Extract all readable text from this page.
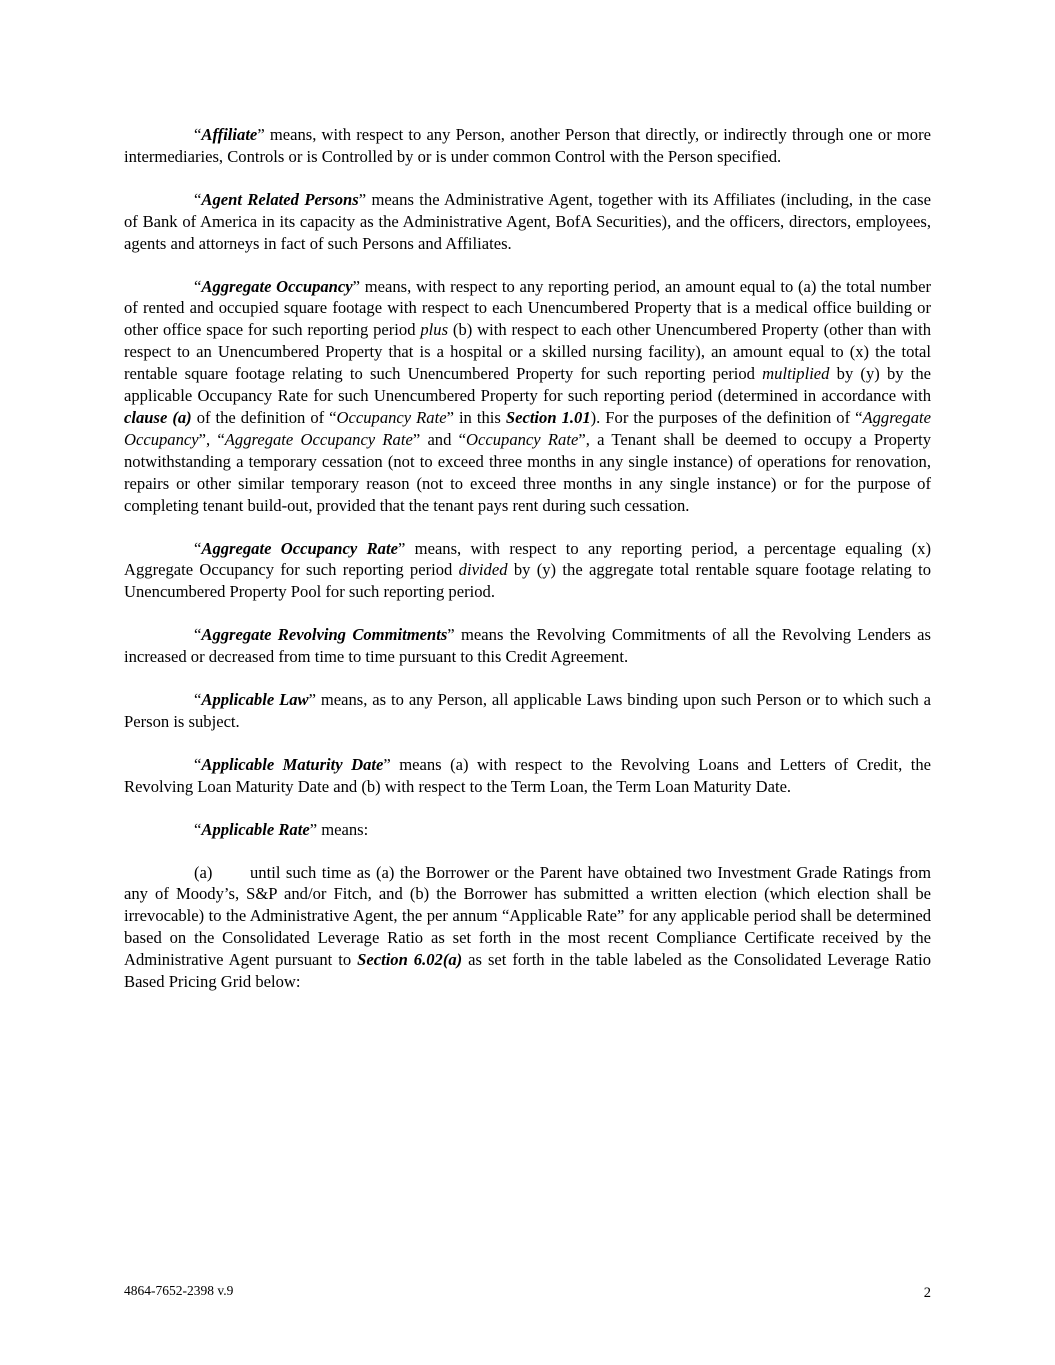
“Affiliate” means, with respect to any Person, another Person that directly, or indirectly through one or more intermediaries, Controls or is Controlled by or is under common Control with the Person specified.

“Agent Related Persons” means the Administrative Agent, together with its Affiliates (including, in the case of Bank of America in its capacity as the Administrative Agent, BofA Securities), and the officers, directors, employees, agents and attorneys in fact of such Persons and Affiliates.

“Aggregate Occupancy” means, with respect to any reporting period, an amount equal to (a) the total number of rented and occupied square footage with respect to each Unencumbered Property that is a medical office building or other office space for such reporting period plus (b) with respect to each other Unencumbered Property (other than with respect to an Unencumbered Property that is a hospital or a skilled nursing facility), an amount equal to (x) the total rentable square footage relating to such Unencumbered Property for such reporting period multiplied by (y) by the applicable Occupancy Rate for such Unencumbered Property for such reporting period (determined in accordance with clause (a) of the definition of “Occupancy Rate” in this Section 1.01). For the purposes of the definition of “Aggregate Occupancy”, “Aggregate Occupancy Rate” and “Occupancy Rate”, a Tenant shall be deemed to occupy a Property notwithstanding a temporary cessation (not to exceed three months in any single instance) of operations for renovation, repairs or other similar temporary reason (not to exceed three months in any single instance) or for the purpose of completing tenant build-out, provided that the tenant pays rent during such cessation.

“Aggregate Occupancy Rate” means, with respect to any reporting period, a percentage equaling (x) Aggregate Occupancy for such reporting period divided by (y) the aggregate total rentable square footage relating to Unencumbered Property Pool for such reporting period.

“Aggregate Revolving Commitments” means the Revolving Commitments of all the Revolving Lenders as increased or decreased from time to time pursuant to this Credit Agreement.

“Applicable Law” means, as to any Person, all applicable Laws binding upon such Person or to which such a Person is subject.

“Applicable Maturity Date” means (a) with respect to the Revolving Loans and Letters of Credit, the Revolving Loan Maturity Date and (b) with respect to the Term Loan, the Term Loan Maturity Date.

“Applicable Rate” means:

(a) until such time as (a) the Borrower or the Parent have obtained two Investment Grade Ratings from any of Moody’s, S&P and/or Fitch, and (b) the Borrower has submitted a written election (which election shall be irrevocable) to the Administrative Agent, the per annum “Applicable Rate” for any applicable period shall be determined based on the Consolidated Leverage Ratio as set forth in the most recent Compliance Certificate received by the Administrative Agent pursuant to Section 6.02(a) as set forth in the table labeled as the Consolidated Leverage Ratio Based Pricing Grid below:

4864-7652-2398 v.9	2
